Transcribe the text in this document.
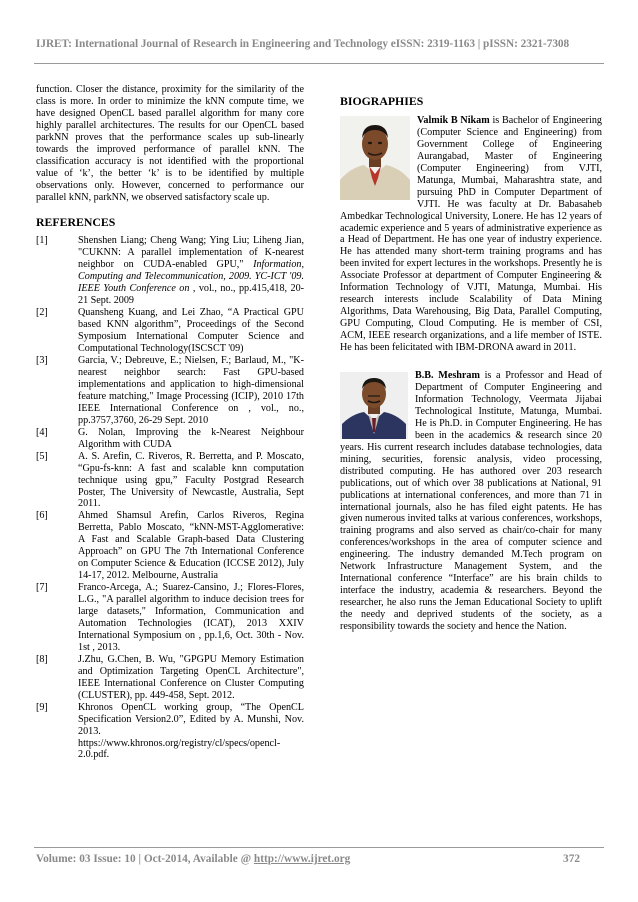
IJRET: International Journal of Research in Engineering and Technology eISSN: 2319-1163 | pISSN: 2321-7308
function. Closer the distance, proximity for the similarity of the class is more. In order to minimize the kNN compute time, we have designed OpenCL based parallel algorithm for many core highly parallel architectures. The results for our OpenCL based parkNN proves that the performance scales up sub-linearly towards the improved performance of parallel kNN. The classification accuracy is not identified with the proportional value of ‘k’, the better ‘k’ is to be identified by multiple observations only. However, concerned to performance our parallel kNN, parkNN, we observed satisfactory scale up.
REFERENCES
[1]	Shenshen Liang; Cheng Wang; Ying Liu; Liheng Jian, "CUKNN: A parallel implementation of K-nearest neighbor on CUDA-enabled GPU," Information, Computing and Telecommunication, 2009. YC-ICT '09. IEEE Youth Conference on , vol., no., pp.415,418, 20-21 Sept. 2009
[2]	Quansheng Kuang, and Lei Zhao, “A Practical GPU based KNN algorithm”, Proceedings of the Second Symposium International Computer Science and Computational Technology(ISCSCT '09)
[3]	Garcia, V.; Debreuve, E.; Nielsen, F.; Barlaud, M., "K-nearest neighbor search: Fast GPU-based implementations and application to high-dimensional feature matching," Image Processing (ICIP), 2010 17th IEEE International Conference on , vol., no., pp.3757,3760, 26-29 Sept. 2010
[4]	G. Nolan, Improving the k-Nearest Neighbour Algorithm with CUDA
[5]	A. S. Arefin, C. Riveros, R. Berretta, and P. Moscato, “Gpu-fs-knn: A fast and scalable knn computation technique using gpu,” Faculty Postgrad Research Poster, The University of Newcastle, Australia, Sept 2011.
[6]	Ahmed Shamsul Arefin, Carlos Riveros, Regina Berretta, Pablo Moscato, “kNN-MST-Agglomerative: A Fast and Scalable Graph-based Data Clustering Approach” on GPU The 7th International Conference on Computer Science & Education (ICCSE 2012), July 14-17, 2012. Melbourne, Australia
[7]	Franco-Arcega, A.; Suarez-Cansino, J.; Flores-Flores, L.G., "A parallel algorithm to induce decision trees for large datasets," Information, Communication and Automation Technologies (ICAT), 2013 XXIV International Symposium on , pp.1,6, Oct. 30th - Nov. 1st , 2013.
[8]	J.Zhu, G.Chen, B. Wu, "GPGPU Memory Estimation and Optimization Targeting OpenCL Architecture", IEEE International Conference on Cluster Computing (CLUSTER), pp. 449-458, Sept. 2012.
[9]	Khronos OpenCL working group, “The OpenCL Specification Version2.0”, Edited by A. Munshi, Nov. 2013. https://www.khronos.org/registry/cl/specs/opencl-2.0.pdf.
BIOGRAPHIES

Valmik B Nikam is Bachelor of Engineering (Computer Science and Engineering) from Government College of Engineering Aurangabad, Master of Engineering (Computer Engineering) from VJTI, Matunga, Mumbai, Maharashtra state, and pursuing PhD in Computer Department of VJTI. He was faculty at Dr. Babasaheb Ambedkar Technological University, Lonere. He has 12 years of academic experience and 5 years of administrative experience as a Head of Department. He has one year of industry experience. He has attended many short-term training programs and has been invited for expert lectures in the workshops. Presently he is Associate Professor at department of Computer Engineering & Information Technology of VJTI, Matunga, Mumbai. His research interests include Scalability of Data Mining Algorithms, Data Warehousing, Big Data, Parallel Computing, GPU Computing, Cloud Computing. He is member of CSI, ACM, IEEE research organizations, and a life member of ISTE. He has been felicitated with IBM-DRONA award in 2011.

B.B. Meshram is a Professor and Head of Department of Computer Engineering and Information Technology, Veermata Jijabai Technological Institute, Matunga, Mumbai. He is Ph.D. in Computer Engineering. He has been in the academics & research since 20 years. His current research includes database technologies, data mining, securities, forensic analysis, video processing, distributed computing. He has authored over 203 research publications, out of which over 38 publications at National, 91 publications at international conferences, and more than 71 in international journals, also he has filed eight patents. He has given numerous invited talks at various conferences, workshops, training programs and also served as chair/co-chair for many conferences/workshops in the area of computer science and engineering. The industry demanded M.Tech program on Network Infrastructure Management System, and the International conference “Interface” are his brain childs to interface the industry, academia & researchers. Beyond the researcher, he also runs the Jeman Educational Society to uplift the needy and deprived students of the society, as a responsibility towards the society and hence the Nation.

Volume: 03 Issue: 10 | Oct-2014, Available @ http://www.ijret.org	372
